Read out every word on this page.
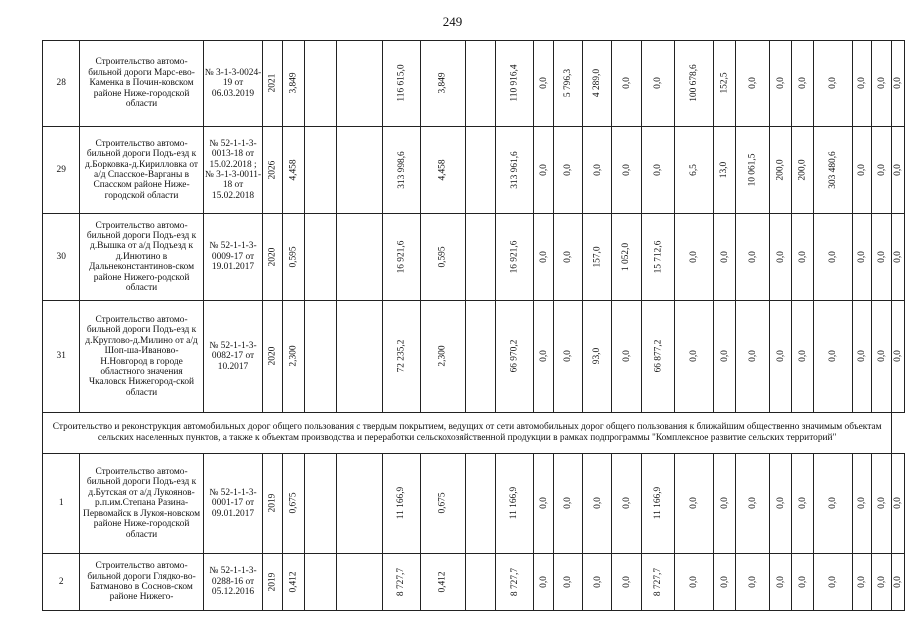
249
28	Строительство автомо-бильной дороги Марс-ево-Каменка в Почин-ковском районе Ниже-городской области	№ 3-1-3-0024-19 от 06.03.2019	2021	3,849			116 615,0	3,849		110 916,4	0,0	5 796,3	4 289,0	0,0	0,0	100 678,6	152,5	0,0	0,0	0,0	0,0	0,0	0,0	0,0
29	Строительство автомо-бильной дороги Подъ-езд к д.Борковка-д.Кирилловка от а/д Спасское-Варганы в Спасском районе Ниже-городской области	№ 52-1-1-3-0013-18 от 15.02.2018 ; № 3-1-3-0011-18 от 15.02.2018	2026	4,458			313 998,6	4,458		313 961,6	0,0	0,0	0,0	0,0	0,0	6,5	13,0	10 061,5	200,0	200,0	303 480,6	0,0	0,0	0,0
30	Строительство автомо-бильной дороги Подъ-езд к д.Вышка от а/д Подъезд к д.Инютино в Дальнеконстантинов-ском районе Нижего-родской области	№ 52-1-1-3-0009-17 от 19.01.2017	2020	0,595			16 921,6	0,595		16 921,6	0,0	0,0	157,0	1 052,0	15 712,6	0,0	0,0	0,0	0,0	0,0	0,0	0,0	0,0	0,0
31	Строительство автомо-бильной дороги Подъ-езд к д.Кругловo-д.Милино от а/д Шоп-ша-Иваново-Н.Новгород в городе областного значения Чкаловск Нижегород-ской области	№ 52-1-1-3-0082-17 от 10.2017	2020	2,300			72 235,2	2,300		66 970,2	0,0	0,0	93,0	0,0	66 877,2	0,0	0,0	0,0	0,0	0,0	0,0	0,0	0,0	0,0
Строительство и реконструкция автомобильных дорог общего пользования с твердым покрытием, ведущих от сети автомобильных дорог общего пользования к ближайшим общественно значимым объектам сельских населенных пунктов, а также к объектам производства и переработки сельскохозяйственной продукции в рамках подпрограммы "Комплексное развитие сельских территорий"																								
1	Строительство автомо-бильной дороги Подъ-езд к д.Бутская от а/д Лукоянов-р.п.им.Степана Разина-Первомайск в Лукоя-новском районе Ниже-городской области	№ 52-1-1-3-0001-17 от 09.01.2017	2019	0,675			11 166,9	0,675		11 166,9	0,0	0,0	0,0	0,0	11 166,9	0,0	0,0	0,0	0,0	0,0	0,0	0,0	0,0	0,0
2	Строительство автомо-бильной дороги Глядко-во-Батманово в Соснов-ском районе Нижего-	№ 52-1-1-3-0288-16 от 05.12.2016	2019	0,412			8 727,7	0,412		8 727,7	0,0	0,0	0,0	0,0	8 727,7	0,0	0,0	0,0	0,0	0,0	0,0	0,0	0,0	0,0
